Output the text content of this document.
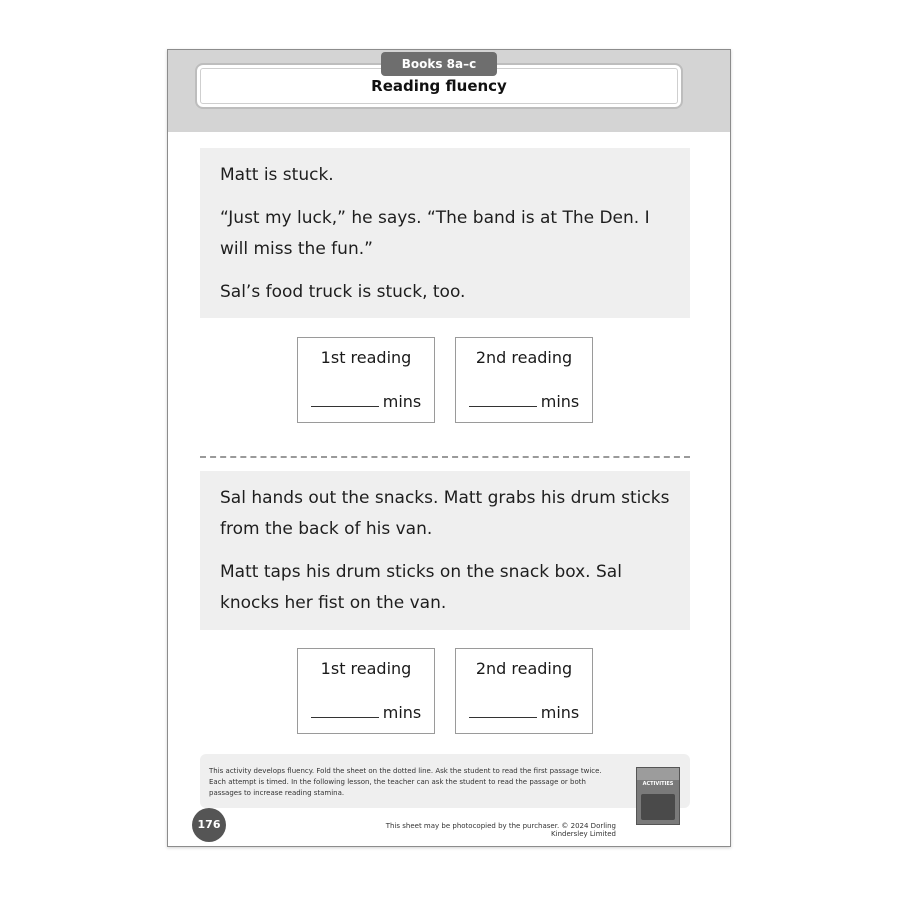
Books 8a–c
Reading fluency

Matt is stuck.

“Just my luck,” he says. “The band is at The Den. I will miss the fun.”

Sal’s food truck is stuck, too.

1st reading
mins
2nd reading
mins

Sal hands out the snacks. Matt grabs his drum sticks from the back of his van.

Matt taps his drum sticks on the snack box. Sal knocks her fist on the van.

1st reading
mins
2nd reading
mins
This activity develops fluency. Fold the sheet on the dotted line. Ask the student to read the first passage twice. Each attempt is timed. In the following lesson, the teacher can ask the student to read the passage or both passages to increase reading stamina.
ACTIVITIES
176	This sheet may be photocopied by the purchaser. © 2024 Dorling Kindersley Limited
